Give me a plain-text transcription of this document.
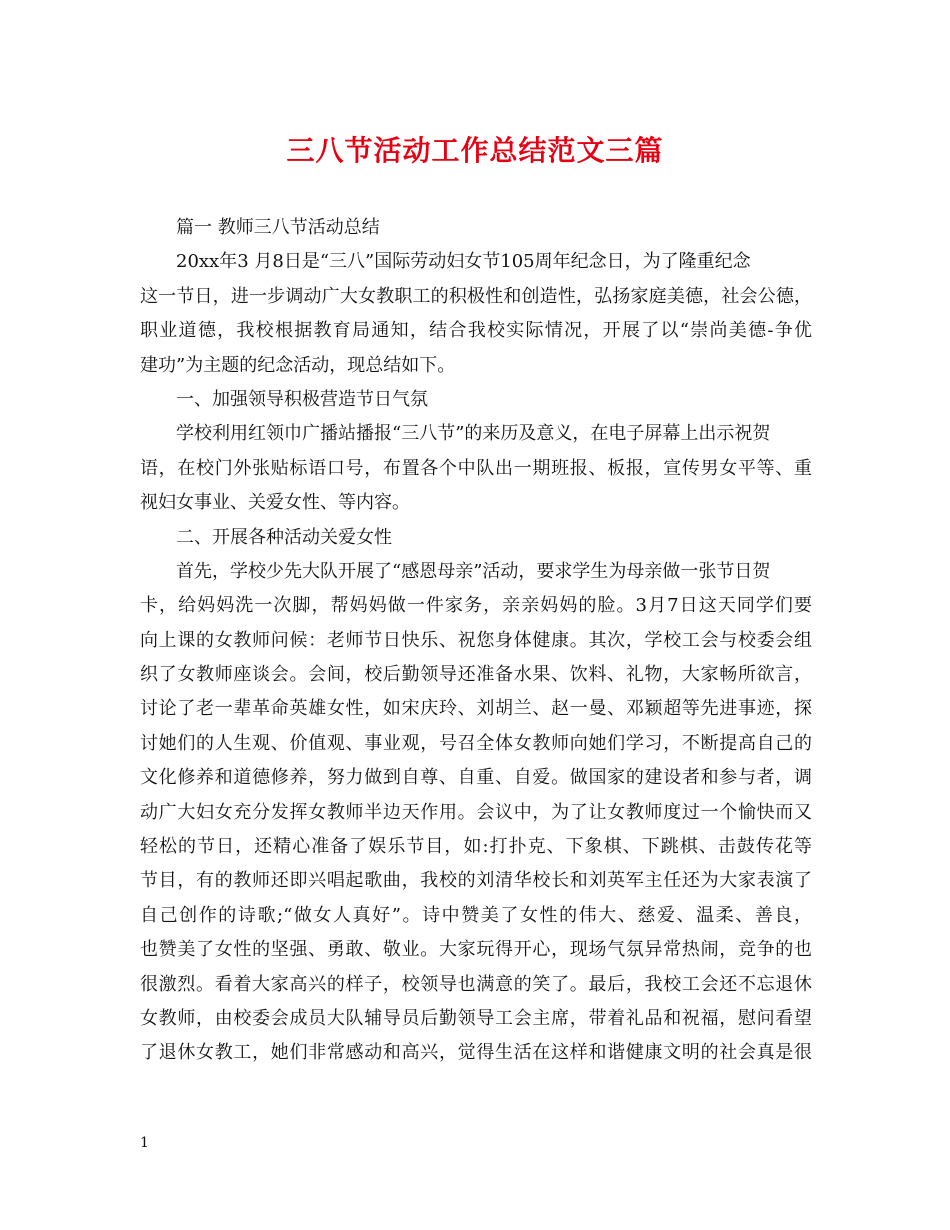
三八节活动工作总结范文三篇
篇一 教师三八节活动总结
20xx年3 月8日是“三八”国际劳动妇女节105周年纪念日，为了隆重纪念
这一节日，进一步调动广大女教职工的积极性和创造性，弘扬家庭美德，社会公德，
职业道德，我校根据教育局通知，结合我校实际情况，开展了以“崇尚美德-争优
建功”为主题的纪念活动，现总结如下。
一、加强领导积极营造节日气氛
学校利用红领巾广播站播报“三八节”的来历及意义，在电子屏幕上出示祝贺
语，在校门外张贴标语口号，布置各个中队出一期班报、板报，宣传男女平等、重
视妇女事业、关爱女性、等内容。
二、开展各种活动关爱女性
首先，学校少先大队开展了“感恩母亲”活动，要求学生为母亲做一张节日贺
卡，给妈妈洗一次脚，帮妈妈做一件家务，亲亲妈妈的脸。3月7日这天同学们要
向上课的女教师问候：老师节日快乐、祝您身体健康。其次，学校工会与校委会组
织了女教师座谈会。会间，校后勤领导还准备水果、饮料、礼物，大家畅所欲言，
讨论了老一辈革命英雄女性，如宋庆玲、刘胡兰、赵一曼、邓颖超等先进事迹，探
讨她们的人生观、价值观、事业观，号召全体女教师向她们学习，不断提高自己的
文化修养和道德修养，努力做到自尊、自重、自爱。做国家的建设者和参与者，调
动广大妇女充分发挥女教师半边天作用。会议中，为了让女教师度过一个愉快而又
轻松的节日，还精心准备了娱乐节目，如:打扑克、下象棋、下跳棋、击鼓传花等
节目，有的教师还即兴唱起歌曲，我校的刘清华校长和刘英军主任还为大家表演了
自己创作的诗歌;“做女人真好”。诗中赞美了女性的伟大、慈爱、温柔、善良，
也赞美了女性的坚强、勇敢、敬业。大家玩得开心，现场气氛异常热闹，竞争的也
很激烈。看着大家高兴的样子，校领导也满意的笑了。最后，我校工会还不忘退休
女教师，由校委会成员大队辅导员后勤领导工会主席，带着礼品和祝福，慰问看望
了退休女教工，她们非常感动和高兴，觉得生活在这样和谐健康文明的社会真是很
1
